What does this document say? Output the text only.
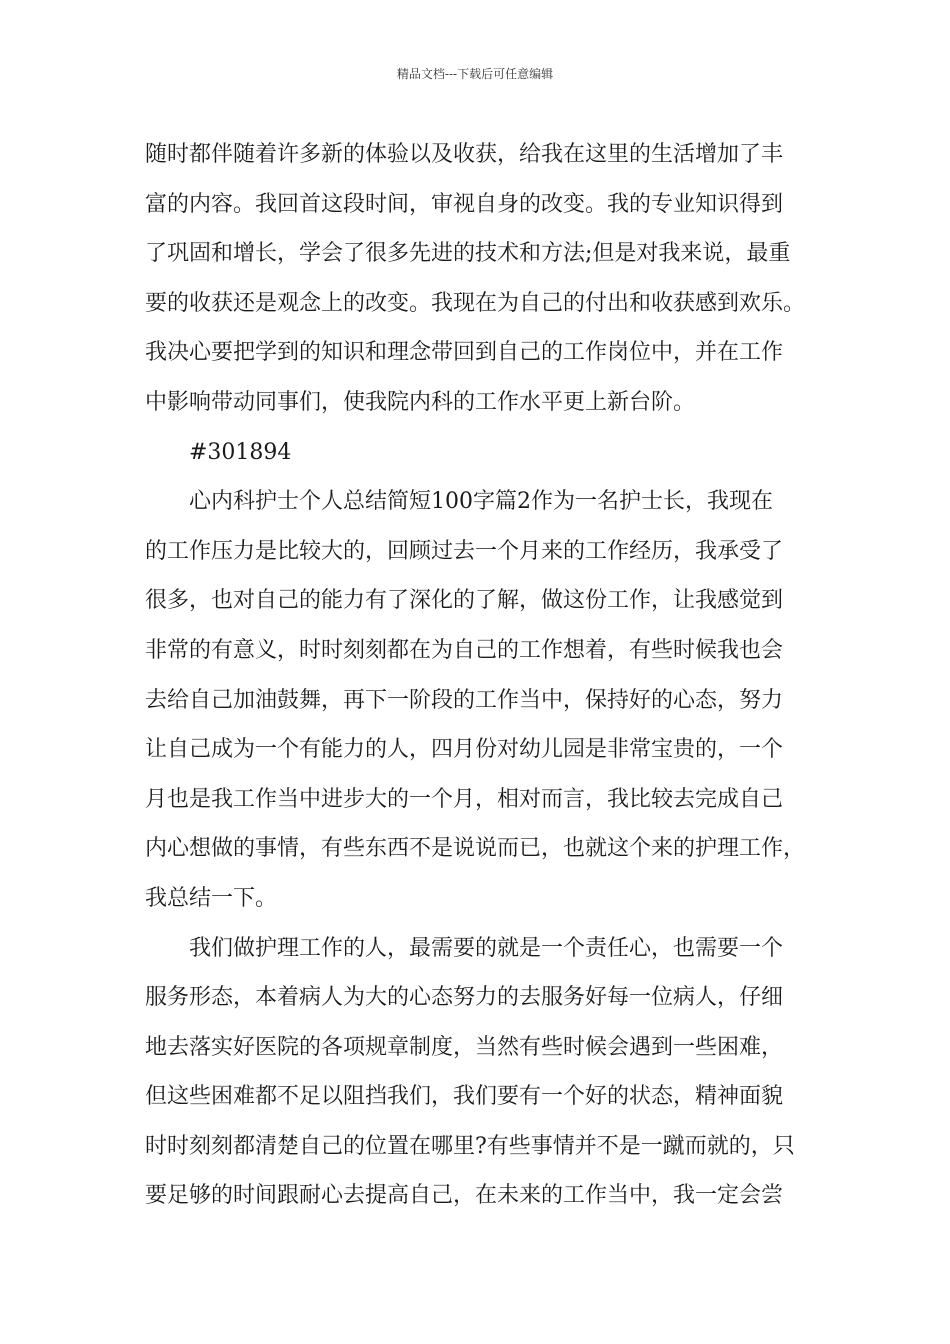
精品文档---下载后可任意编辑
随时都伴随着许多新的体验以及收获，给我在这里的生活增加了丰
富的内容。我回首这段时间，审视自身的改变。我的专业知识得到
了巩固和增长，学会了很多先进的技术和方法;但是对我来说，最重
要的收获还是观念上的改变。我现在为自己的付出和收获感到欢乐。
我决心要把学到的知识和理念带回到自己的工作岗位中，并在工作
中影响带动同事们，使我院内科的工作水平更上新台阶。
#301894
心内科护士个人总结简短100字篇2作为一名护士长，我现在
的工作压力是比较大的，回顾过去一个月来的工作经历，我承受了
很多，也对自己的能力有了深化的了解，做这份工作，让我感觉到
非常的有意义，时时刻刻都在为自己的工作想着，有些时候我也会
去给自己加油鼓舞，再下一阶段的工作当中，保持好的心态，努力
让自己成为一个有能力的人，四月份对幼儿园是非常宝贵的，一个
月也是我工作当中进步大的一个月，相对而言，我比较去完成自己
内心想做的事情，有些东西不是说说而已，也就这个来的护理工作，
我总结一下。
我们做护理工作的人，最需要的就是一个责任心，也需要一个
服务形态，本着病人为大的心态努力的去服务好每一位病人，仔细
地去落实好医院的各项规章制度，当然有些时候会遇到一些困难，
但这些困难都不足以阻挡我们，我们要有一个好的状态，精神面貌
时时刻刻都清楚自己的位置在哪里?有些事情并不是一蹴而就的，只
要足够的时间跟耐心去提高自己，在未来的工作当中，我一定会尝
